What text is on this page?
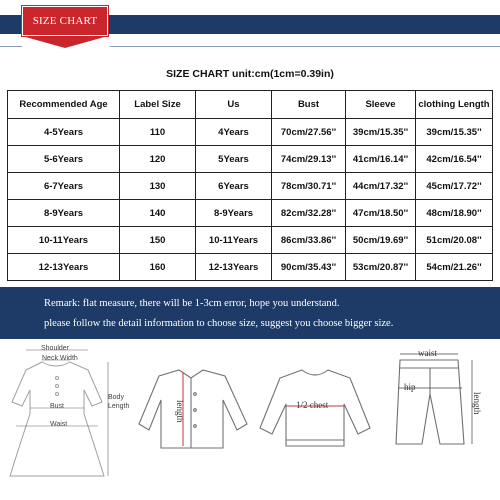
SIZE CHART
SIZE CHART unit:cm(1cm=0.39in)
Recommended Age	Label Size	Us	Bust	Sleeve	clothing Length
4-5Years	110	4Years	70cm/27.56''	39cm/15.35''	39cm/15.35''
5-6Years	120	5Years	74cm/29.13''	41cm/16.14''	42cm/16.54''
6-7Years	130	6Years	78cm/30.71''	44cm/17.32''	45cm/17.72''
8-9Years	140	8-9Years	82cm/32.28''	47cm/18.50''	48cm/18.90''
10-11Years	150	10-11Years	86cm/33.86''	50cm/19.69''	51cm/20.08''
12-13Years	160	12-13Years	90cm/35.43''	53cm/20.87''	54cm/21.26''
Remark: flat measure, there will be 1-3cm error, hope you understand.
please follow the detail information to choose size, suggest you choose bigger size.
Shoulder
Neck Width
Bust
Body
Length
Waist
length	1/2 chest
waist
hip
length
